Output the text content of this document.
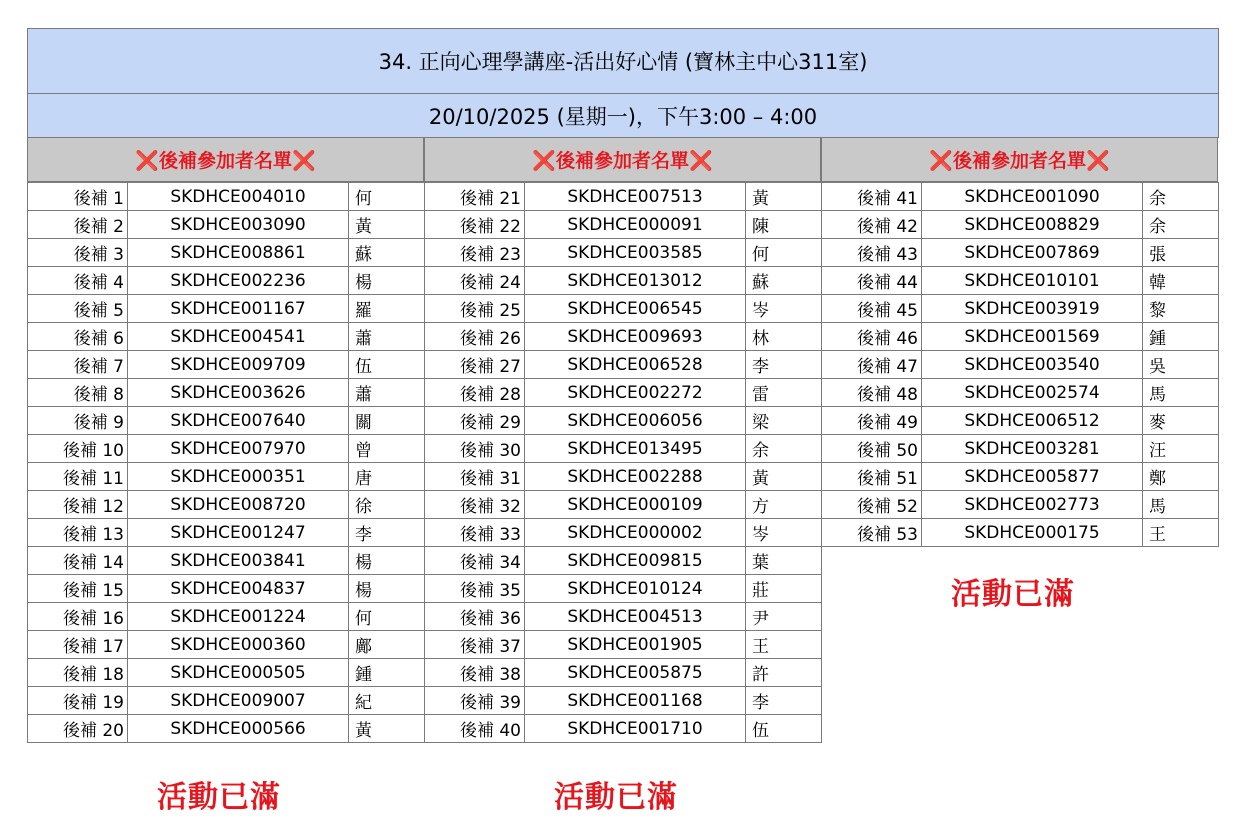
34. 正向心理學講座-活出好心情 (寶林主中心311室)
20/10/2025 (星期一)，下午3:00 – 4:00
❌後補參加者名單❌
後補 1	SKDHCE004010	何
後補 2	SKDHCE003090	黃
後補 3	SKDHCE008861	蘇
後補 4	SKDHCE002236	楊
後補 5	SKDHCE001167	羅
後補 6	SKDHCE004541	蕭
後補 7	SKDHCE009709	伍
後補 8	SKDHCE003626	蕭
後補 9	SKDHCE007640	關
後補 10	SKDHCE007970	曾
後補 11	SKDHCE000351	唐
後補 12	SKDHCE008720	徐
後補 13	SKDHCE001247	李
後補 14	SKDHCE003841	楊
後補 15	SKDHCE004837	楊
後補 16	SKDHCE001224	何
後補 17	SKDHCE000360	鄺
後補 18	SKDHCE000505	鍾
後補 19	SKDHCE009007	紀
後補 20	SKDHCE000566	黃
❌後補參加者名單❌
後補 21	SKDHCE007513	黃
後補 22	SKDHCE000091	陳
後補 23	SKDHCE003585	何
後補 24	SKDHCE013012	蘇
後補 25	SKDHCE006545	岑
後補 26	SKDHCE009693	林
後補 27	SKDHCE006528	李
後補 28	SKDHCE002272	雷
後補 29	SKDHCE006056	梁
後補 30	SKDHCE013495	余
後補 31	SKDHCE002288	黃
後補 32	SKDHCE000109	方
後補 33	SKDHCE000002	岑
後補 34	SKDHCE009815	葉
後補 35	SKDHCE010124	莊
後補 36	SKDHCE004513	尹
後補 37	SKDHCE001905	王
後補 38	SKDHCE005875	許
後補 39	SKDHCE001168	李
後補 40	SKDHCE001710	伍
❌後補參加者名單❌
後補 41	SKDHCE001090	余
後補 42	SKDHCE008829	余
後補 43	SKDHCE007869	張
後補 44	SKDHCE010101	韓
後補 45	SKDHCE003919	黎
後補 46	SKDHCE001569	鍾
後補 47	SKDHCE003540	吳
後補 48	SKDHCE002574	馬
後補 49	SKDHCE006512	麥
後補 50	SKDHCE003281	汪
後補 51	SKDHCE005877	鄭
後補 52	SKDHCE002773	馬
後補 53	SKDHCE000175	王
活動已滿	活動已滿
活動已滿
